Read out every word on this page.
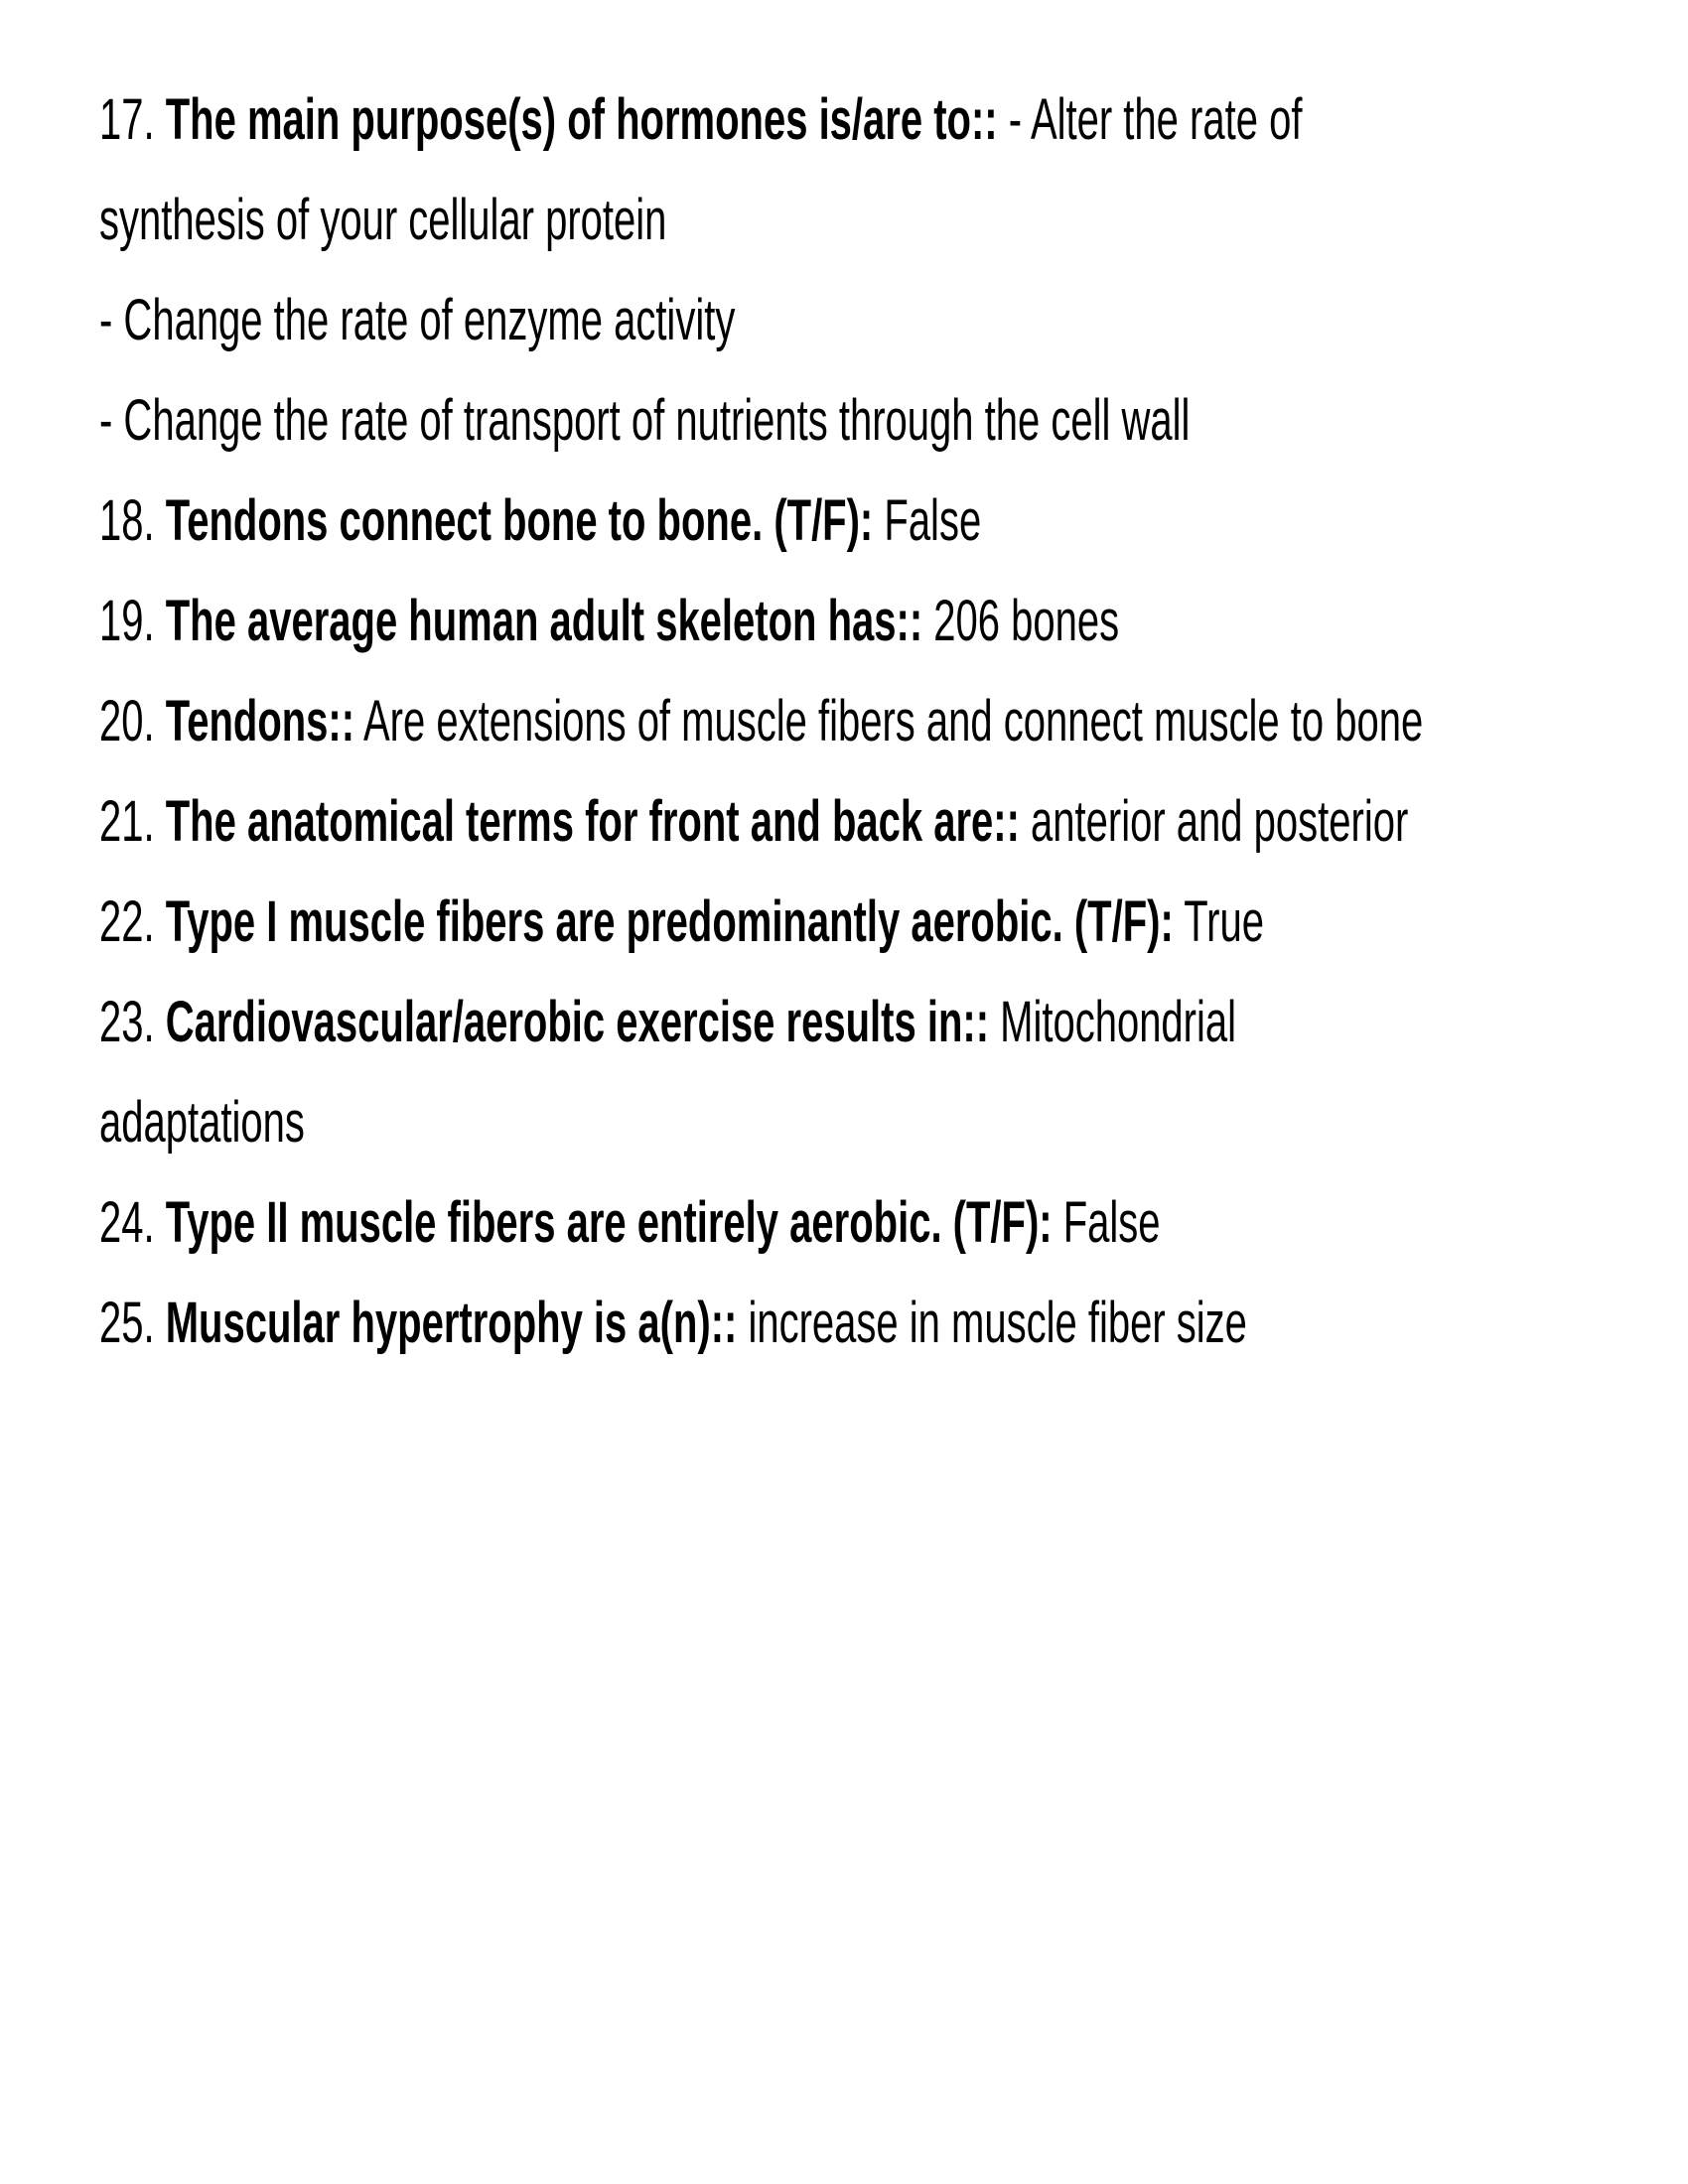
17. The main purpose(s) of hormones is/are to:: - Alter the rate of
synthesis of your cellular protein
- Change the rate of enzyme activity
- Change the rate of transport of nutrients through the cell wall
18. Tendons connect bone to bone. (T/F): False
19. The average human adult skeleton has:: 206 bones
20. Tendons:: Are extensions of muscle fibers and connect muscle to bone
21. The anatomical terms for front and back are:: anterior and posterior
22. Type I muscle fibers are predominantly aerobic. (T/F): True
23. Cardiovascular/aerobic exercise results in:: Mitochondrial
adaptations
24. Type II muscle fibers are entirely aerobic. (T/F): False
25. Muscular hypertrophy is a(n):: increase in muscle fiber size
